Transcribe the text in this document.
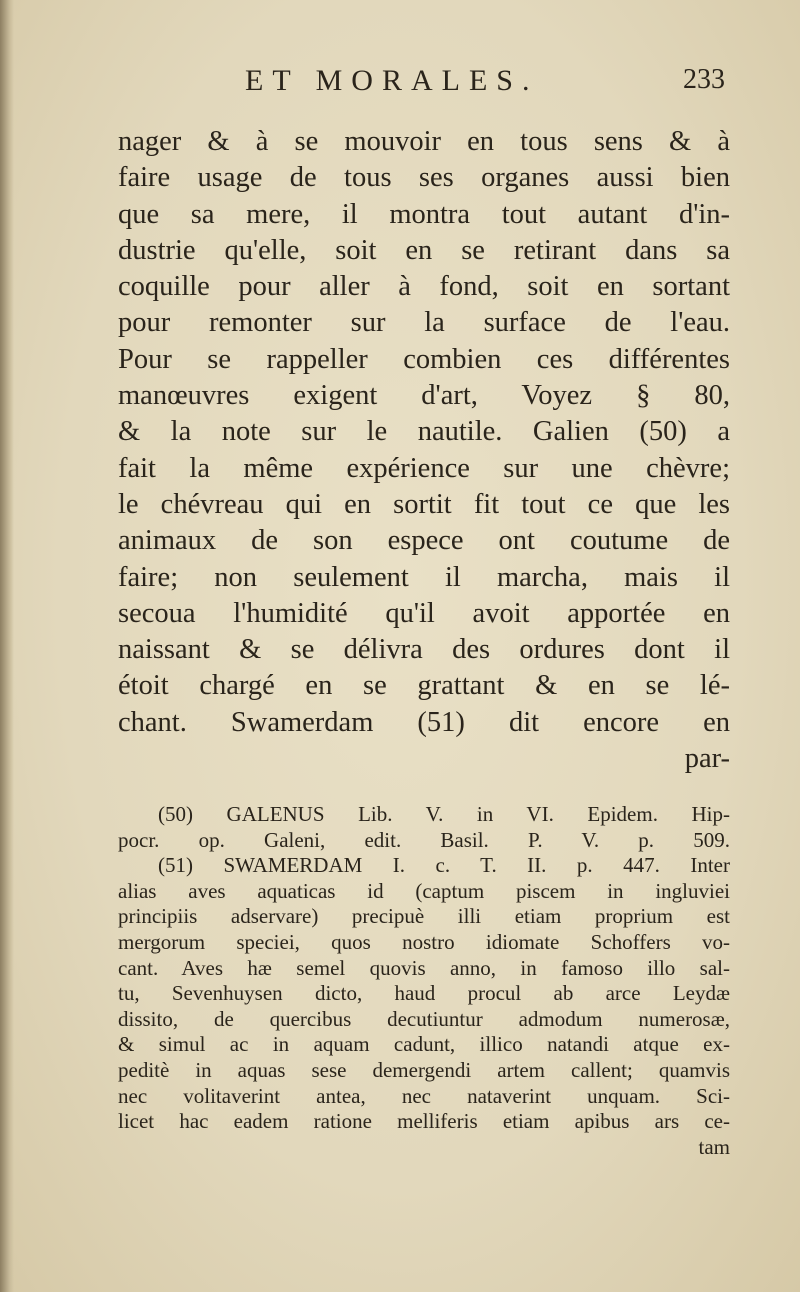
ET MORALES.	233
nager & à se mouvoir en tous sens & à
faire usage de tous ses organes aussi bien
que sa mere, il montra tout autant d'in-
dustrie qu'elle, soit en se retirant dans sa
coquille pour aller à fond, soit en sortant
pour remonter sur la surface de l'eau.
Pour se rappeller combien ces différentes
manœuvres exigent d'art, Voyez § 80,
& la note sur le nautile. Galien (50) a
fait la même expérience sur une chèvre;
le chévreau qui en sortit fit tout ce que les
animaux de son espece ont coutume de
faire; non seulement il marcha, mais il
secoua l'humidité qu'il avoit apportée en
naissant & se délivra des ordures dont il
étoit chargé en se grattant & en se lé-
chant. Swamerdam (51) dit encore en
par-
(50) GALENUS Lib. V. in VI. Epidem. Hip-
pocr. op. Galeni, edit. Basil. P. V. p. 509.
(51) SWAMERDAM I. c. T. II. p. 447. Inter
alias aves aquaticas id (captum piscem in ingluviei
principiis adservare) precipuè illi etiam proprium est
mergorum speciei, quos nostro idiomate Schoffers vo-
cant. Aves hæ semel quovis anno, in famoso illo sal-
tu, Sevenhuysen dicto, haud procul ab arce Leydæ
dissito, de quercibus decutiuntur admodum numerosæ,
& simul ac in aquam cadunt, illico natandi atque ex-
peditè in aquas sese demergendi artem callent; quamvis
nec volitaverint antea, nec nataverint unquam. Sci-
licet hac eadem ratione melliferis etiam apibus ars ce-
tam
